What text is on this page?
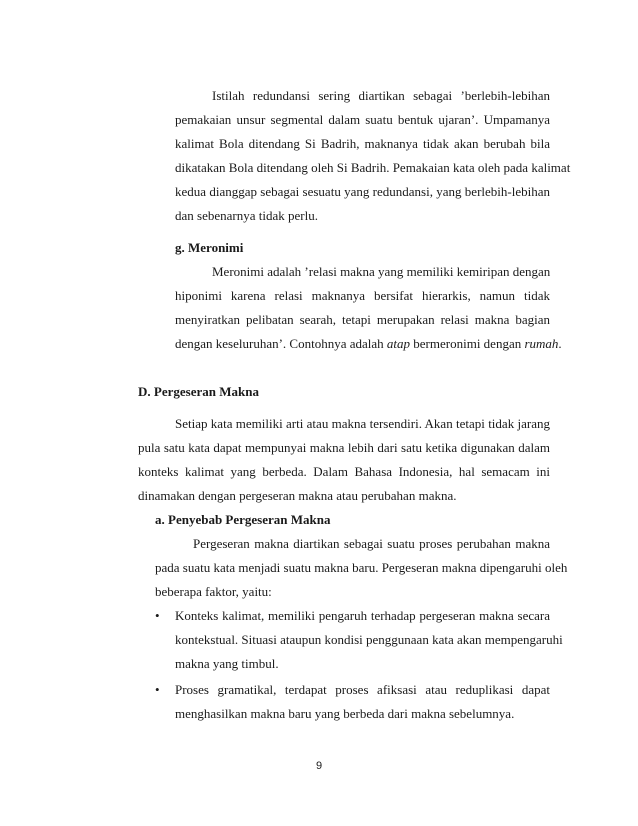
Istilah redundansi sering diartikan sebagai ’berlebih-lebihan
pemakaian unsur segmental dalam suatu bentuk ujaran’. Umpamanya
kalimat Bola ditendang Si Badrih, maknanya tidak akan berubah bila
dikatakan Bola ditendang oleh Si Badrih. Pemakaian kata oleh pada kalimat
kedua dianggap sebagai sesuatu yang redundansi, yang berlebih-lebihan
dan sebenarnya tidak perlu.
g. Meronimi
Meronimi adalah ’relasi makna yang memiliki kemiripan dengan
hiponimi karena relasi maknanya bersifat hierarkis, namun tidak
menyiratkan pelibatan searah, tetapi merupakan relasi makna bagian
dengan keseluruhan’. Contohnya adalah atap bermeronimi dengan rumah.
D. Pergeseran Makna
Setiap kata memiliki arti atau makna tersendiri. Akan tetapi tidak jarang
pula satu kata dapat mempunyai makna lebih dari satu ketika digunakan dalam
konteks kalimat yang berbeda. Dalam Bahasa Indonesia, hal semacam ini
dinamakan dengan pergeseran makna atau perubahan makna.
a. Penyebab Pergeseran Makna
Pergeseran makna diartikan sebagai suatu proses perubahan makna
pada suatu kata menjadi suatu makna baru. Pergeseran makna dipengaruhi oleh
beberapa faktor, yaitu:
• Konteks kalimat, memiliki pengaruh terhadap pergeseran makna secara
kontekstual. Situasi ataupun kondisi penggunaan kata akan mempengaruhi
makna yang timbul.
• Proses gramatikal, terdapat proses afiksasi atau reduplikasi dapat
menghasilkan makna baru yang berbeda dari makna sebelumnya.
9
